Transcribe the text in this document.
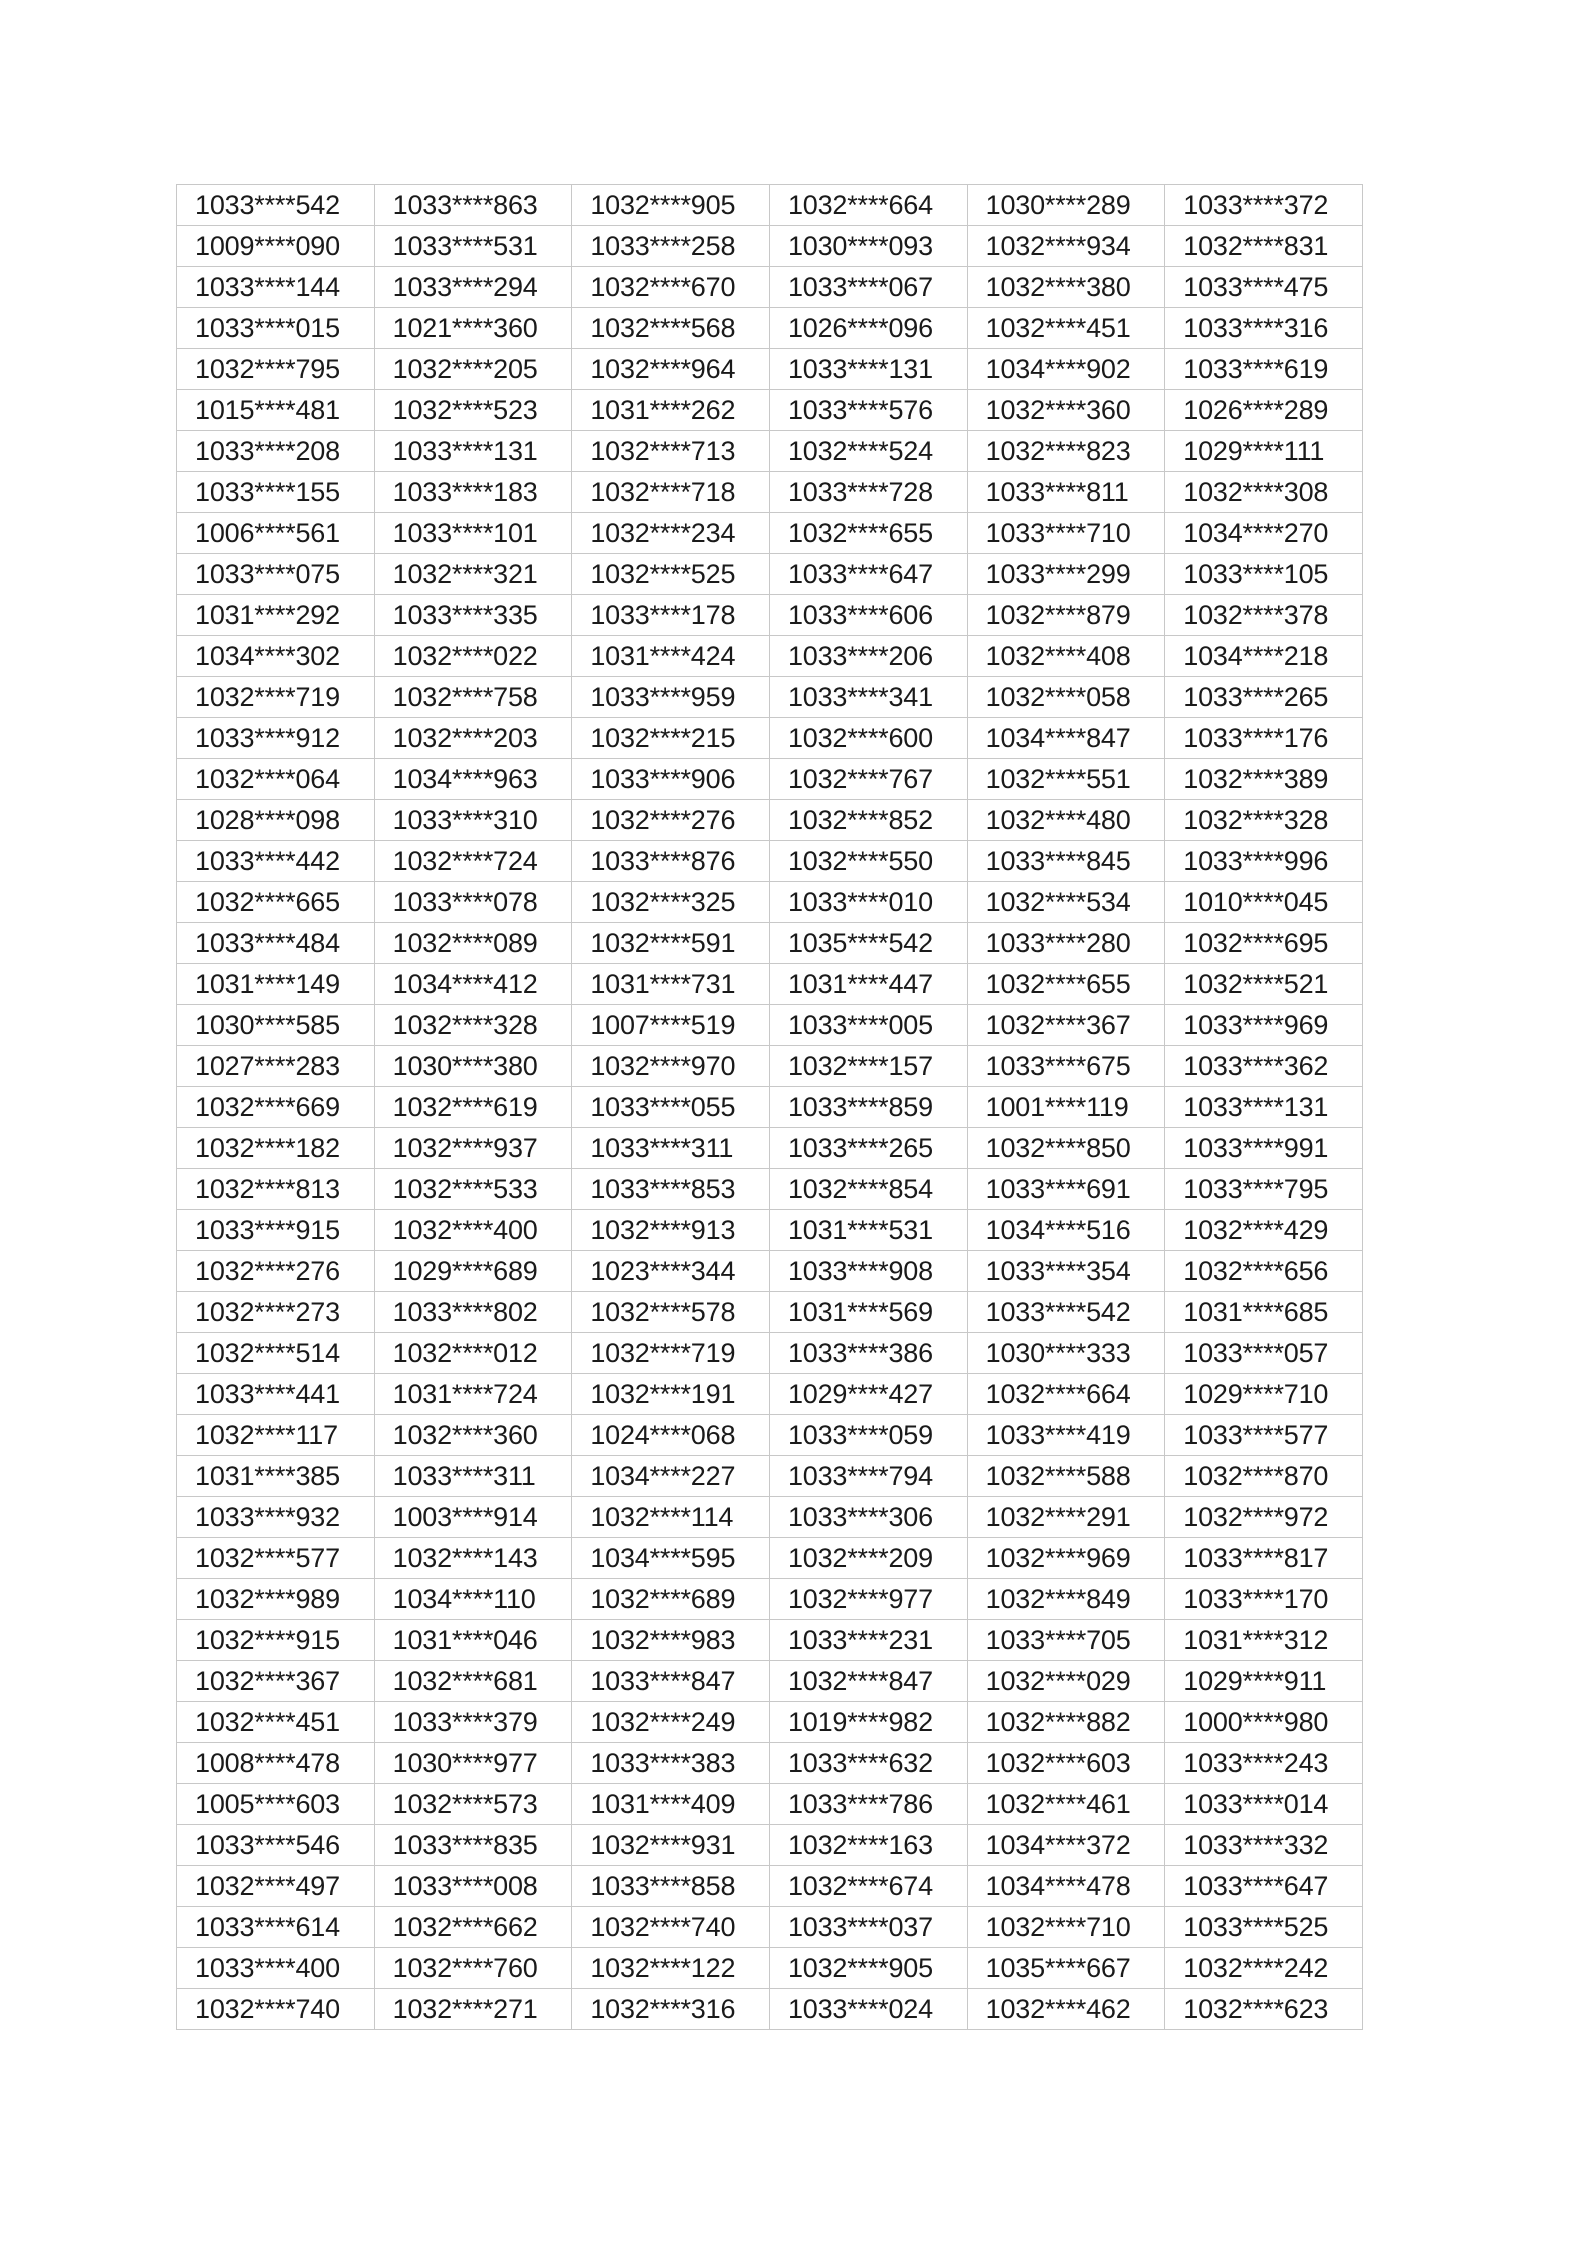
1033****542	1033****863	1032****905	1032****664	1030****289	1033****372
1009****090	1033****531	1033****258	1030****093	1032****934	1032****831
1033****144	1033****294	1032****670	1033****067	1032****380	1033****475
1033****015	1021****360	1032****568	1026****096	1032****451	1033****316
1032****795	1032****205	1032****964	1033****131	1034****902	1033****619
1015****481	1032****523	1031****262	1033****576	1032****360	1026****289
1033****208	1033****131	1032****713	1032****524	1032****823	1029****111
1033****155	1033****183	1032****718	1033****728	1033****811	1032****308
1006****561	1033****101	1032****234	1032****655	1033****710	1034****270
1033****075	1032****321	1032****525	1033****647	1033****299	1033****105
1031****292	1033****335	1033****178	1033****606	1032****879	1032****378
1034****302	1032****022	1031****424	1033****206	1032****408	1034****218
1032****719	1032****758	1033****959	1033****341	1032****058	1033****265
1033****912	1032****203	1032****215	1032****600	1034****847	1033****176
1032****064	1034****963	1033****906	1032****767	1032****551	1032****389
1028****098	1033****310	1032****276	1032****852	1032****480	1032****328
1033****442	1032****724	1033****876	1032****550	1033****845	1033****996
1032****665	1033****078	1032****325	1033****010	1032****534	1010****045
1033****484	1032****089	1032****591	1035****542	1033****280	1032****695
1031****149	1034****412	1031****731	1031****447	1032****655	1032****521
1030****585	1032****328	1007****519	1033****005	1032****367	1033****969
1027****283	1030****380	1032****970	1032****157	1033****675	1033****362
1032****669	1032****619	1033****055	1033****859	1001****119	1033****131
1032****182	1032****937	1033****311	1033****265	1032****850	1033****991
1032****813	1032****533	1033****853	1032****854	1033****691	1033****795
1033****915	1032****400	1032****913	1031****531	1034****516	1032****429
1032****276	1029****689	1023****344	1033****908	1033****354	1032****656
1032****273	1033****802	1032****578	1031****569	1033****542	1031****685
1032****514	1032****012	1032****719	1033****386	1030****333	1033****057
1033****441	1031****724	1032****191	1029****427	1032****664	1029****710
1032****117	1032****360	1024****068	1033****059	1033****419	1033****577
1031****385	1033****311	1034****227	1033****794	1032****588	1032****870
1033****932	1003****914	1032****114	1033****306	1032****291	1032****972
1032****577	1032****143	1034****595	1032****209	1032****969	1033****817
1032****989	1034****110	1032****689	1032****977	1032****849	1033****170
1032****915	1031****046	1032****983	1033****231	1033****705	1031****312
1032****367	1032****681	1033****847	1032****847	1032****029	1029****911
1032****451	1033****379	1032****249	1019****982	1032****882	1000****980
1008****478	1030****977	1033****383	1033****632	1032****603	1033****243
1005****603	1032****573	1031****409	1033****786	1032****461	1033****014
1033****546	1033****835	1032****931	1032****163	1034****372	1033****332
1032****497	1033****008	1033****858	1032****674	1034****478	1033****647
1033****614	1032****662	1032****740	1033****037	1032****710	1033****525
1033****400	1032****760	1032****122	1032****905	1035****667	1032****242
1032****740	1032****271	1032****316	1033****024	1032****462	1032****623
